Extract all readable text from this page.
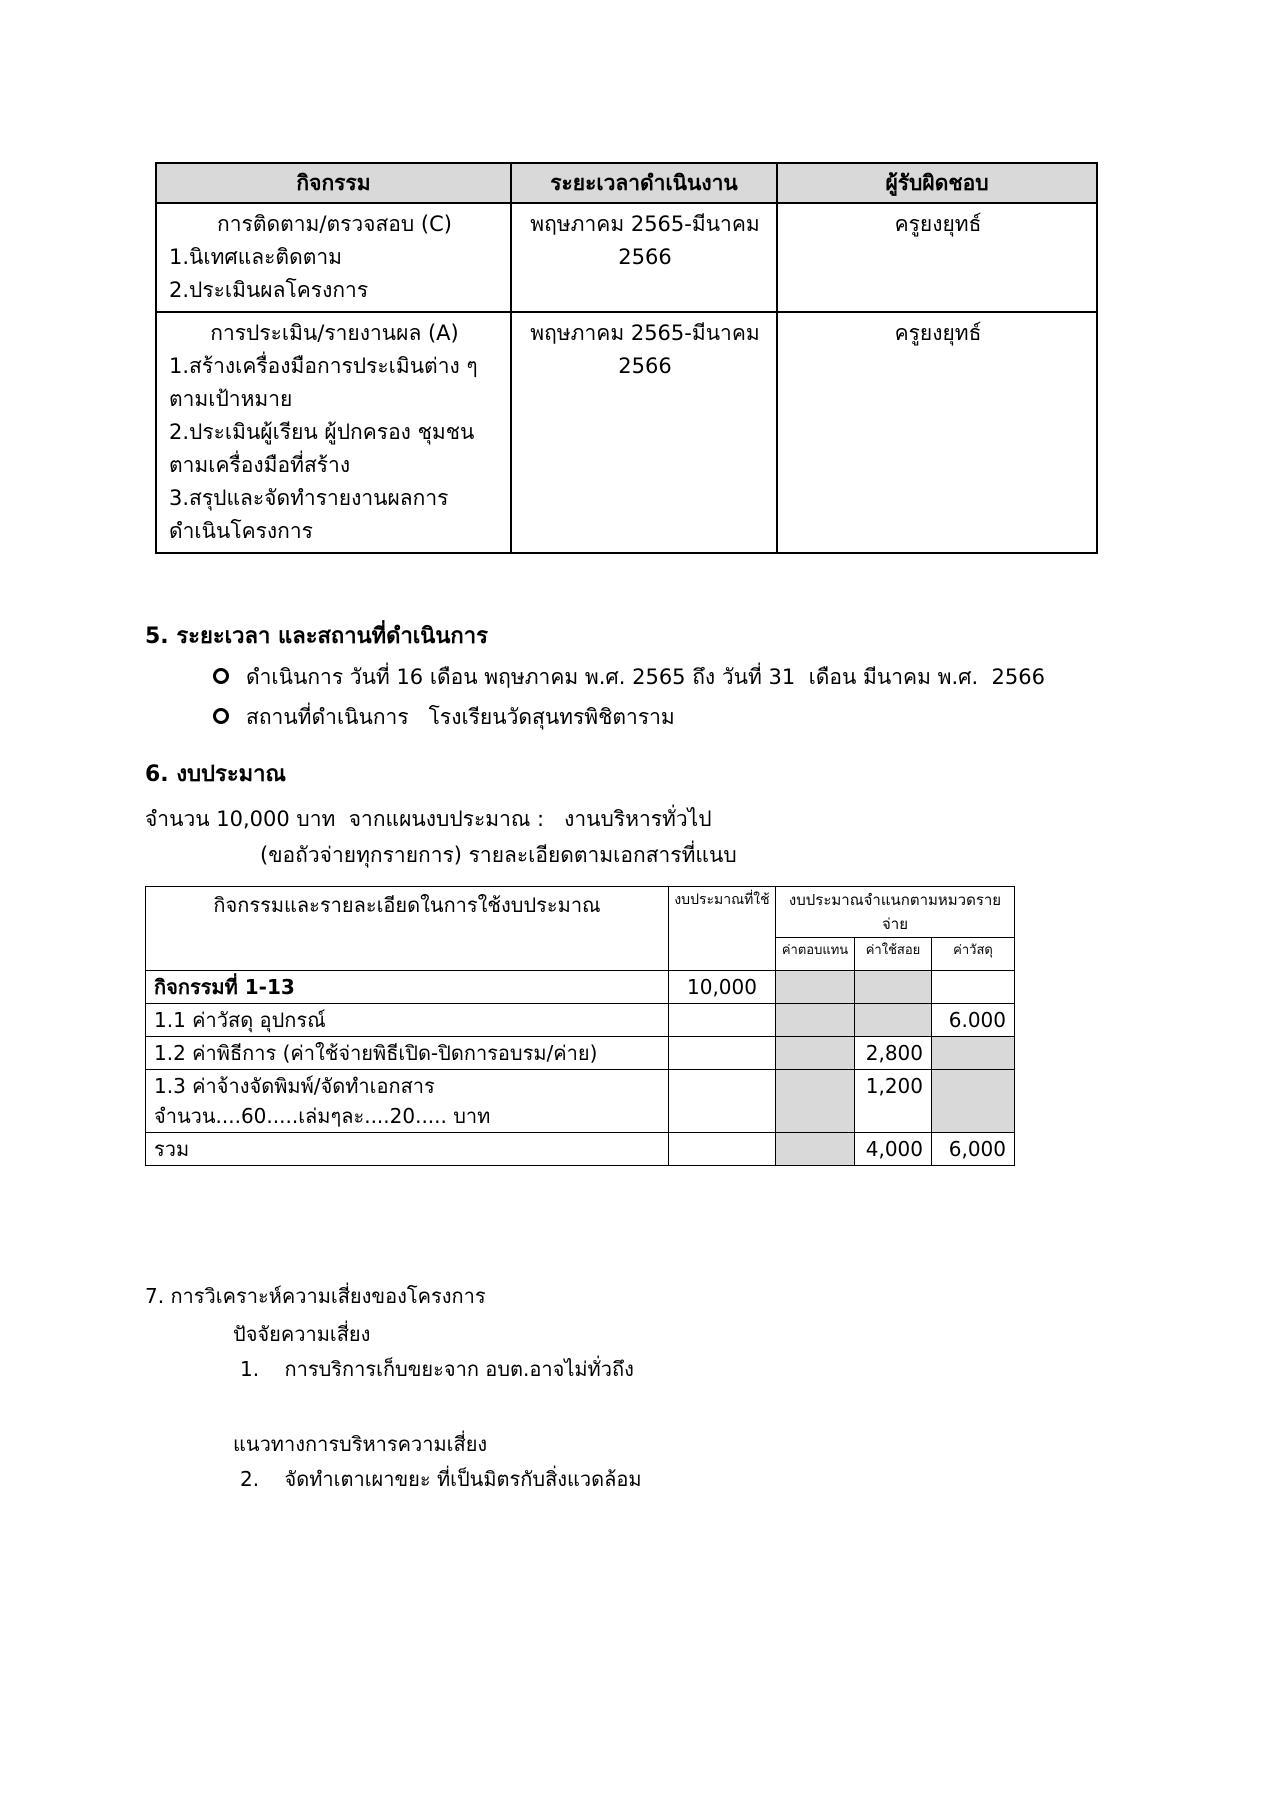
กิจกรรม	ระยะเวลาดำเนินงาน	ผู้รับผิดชอบ

การติดตาม/ตรวจสอบ (C)
1.นิเทศและติดตาม
2.ประเมินผลโครงการ	พฤษภาคม 2565-มีนาคม 2566	ครูยงยุทธ์

การประเมิน/รายงานผล (A)
1.สร้างเครื่องมือการประเมินต่าง ๆ ตามเป้าหมาย
2.ประเมินผู้เรียน ผู้ปกครอง ชุมชน ตามเครื่องมือที่สร้าง
3.สรุปและจัดทำรายงานผลการดำเนินโครงการ	พฤษภาคม 2565-มีนาคม 2566	ครูยงยุทธ์
5. ระยะเวลา และสถานที่ดำเนินการ
ดำเนินการ วันที่ 16 เดือน พฤษภาคม พ.ศ. 2565 ถึง วันที่ 31  เดือน มีนาคม พ.ศ.  2566
สถานที่ดำเนินการ   โรงเรียนวัดสุนทรพิชิตาราม
6. งบประมาณ
จำนวน 10,000 บาท  จากแผนงบประมาณ :   งานบริหารทั่วไป
(ขอถัวจ่ายทุกรายการ) รายละเอียดตามเอกสารที่แนบ
กิจกรรมและรายละเอียดในการใช้งบประมาณ	งบประมาณที่ใช้	งบประมาณจำแนกตามหมวดรายจ่าย		
		ค่าตอบแทน	ค่าใช้สอย	ค่าวัสดุ
กิจกรรมที่ 1-13	10,000			
1.1 ค่าวัสดุ อุปกรณ์				6.000
1.2 ค่าพิธีการ (ค่าใช้จ่ายพิธีเปิด-ปิดการอบรม/ค่าย)			2,800	
1.3 ค่าจ้างจัดพิมพ์/จัดทำเอกสาร      จำนวน....60.....เล่มๆละ....20..... บาท			1,200	
รวม			4,000	6,000
7. การวิเคราะห์ความเสี่ยงของโครงการ
ปัจจัยความเสี่ยง
1.    การบริการเก็บขยะจาก อบต.อาจไม่ทั่วถึง
แนวทางการบริหารความเสี่ยง
2.    จัดทำเตาเผาขยะ ที่เป็นมิตรกับสิ่งแวดล้อม
